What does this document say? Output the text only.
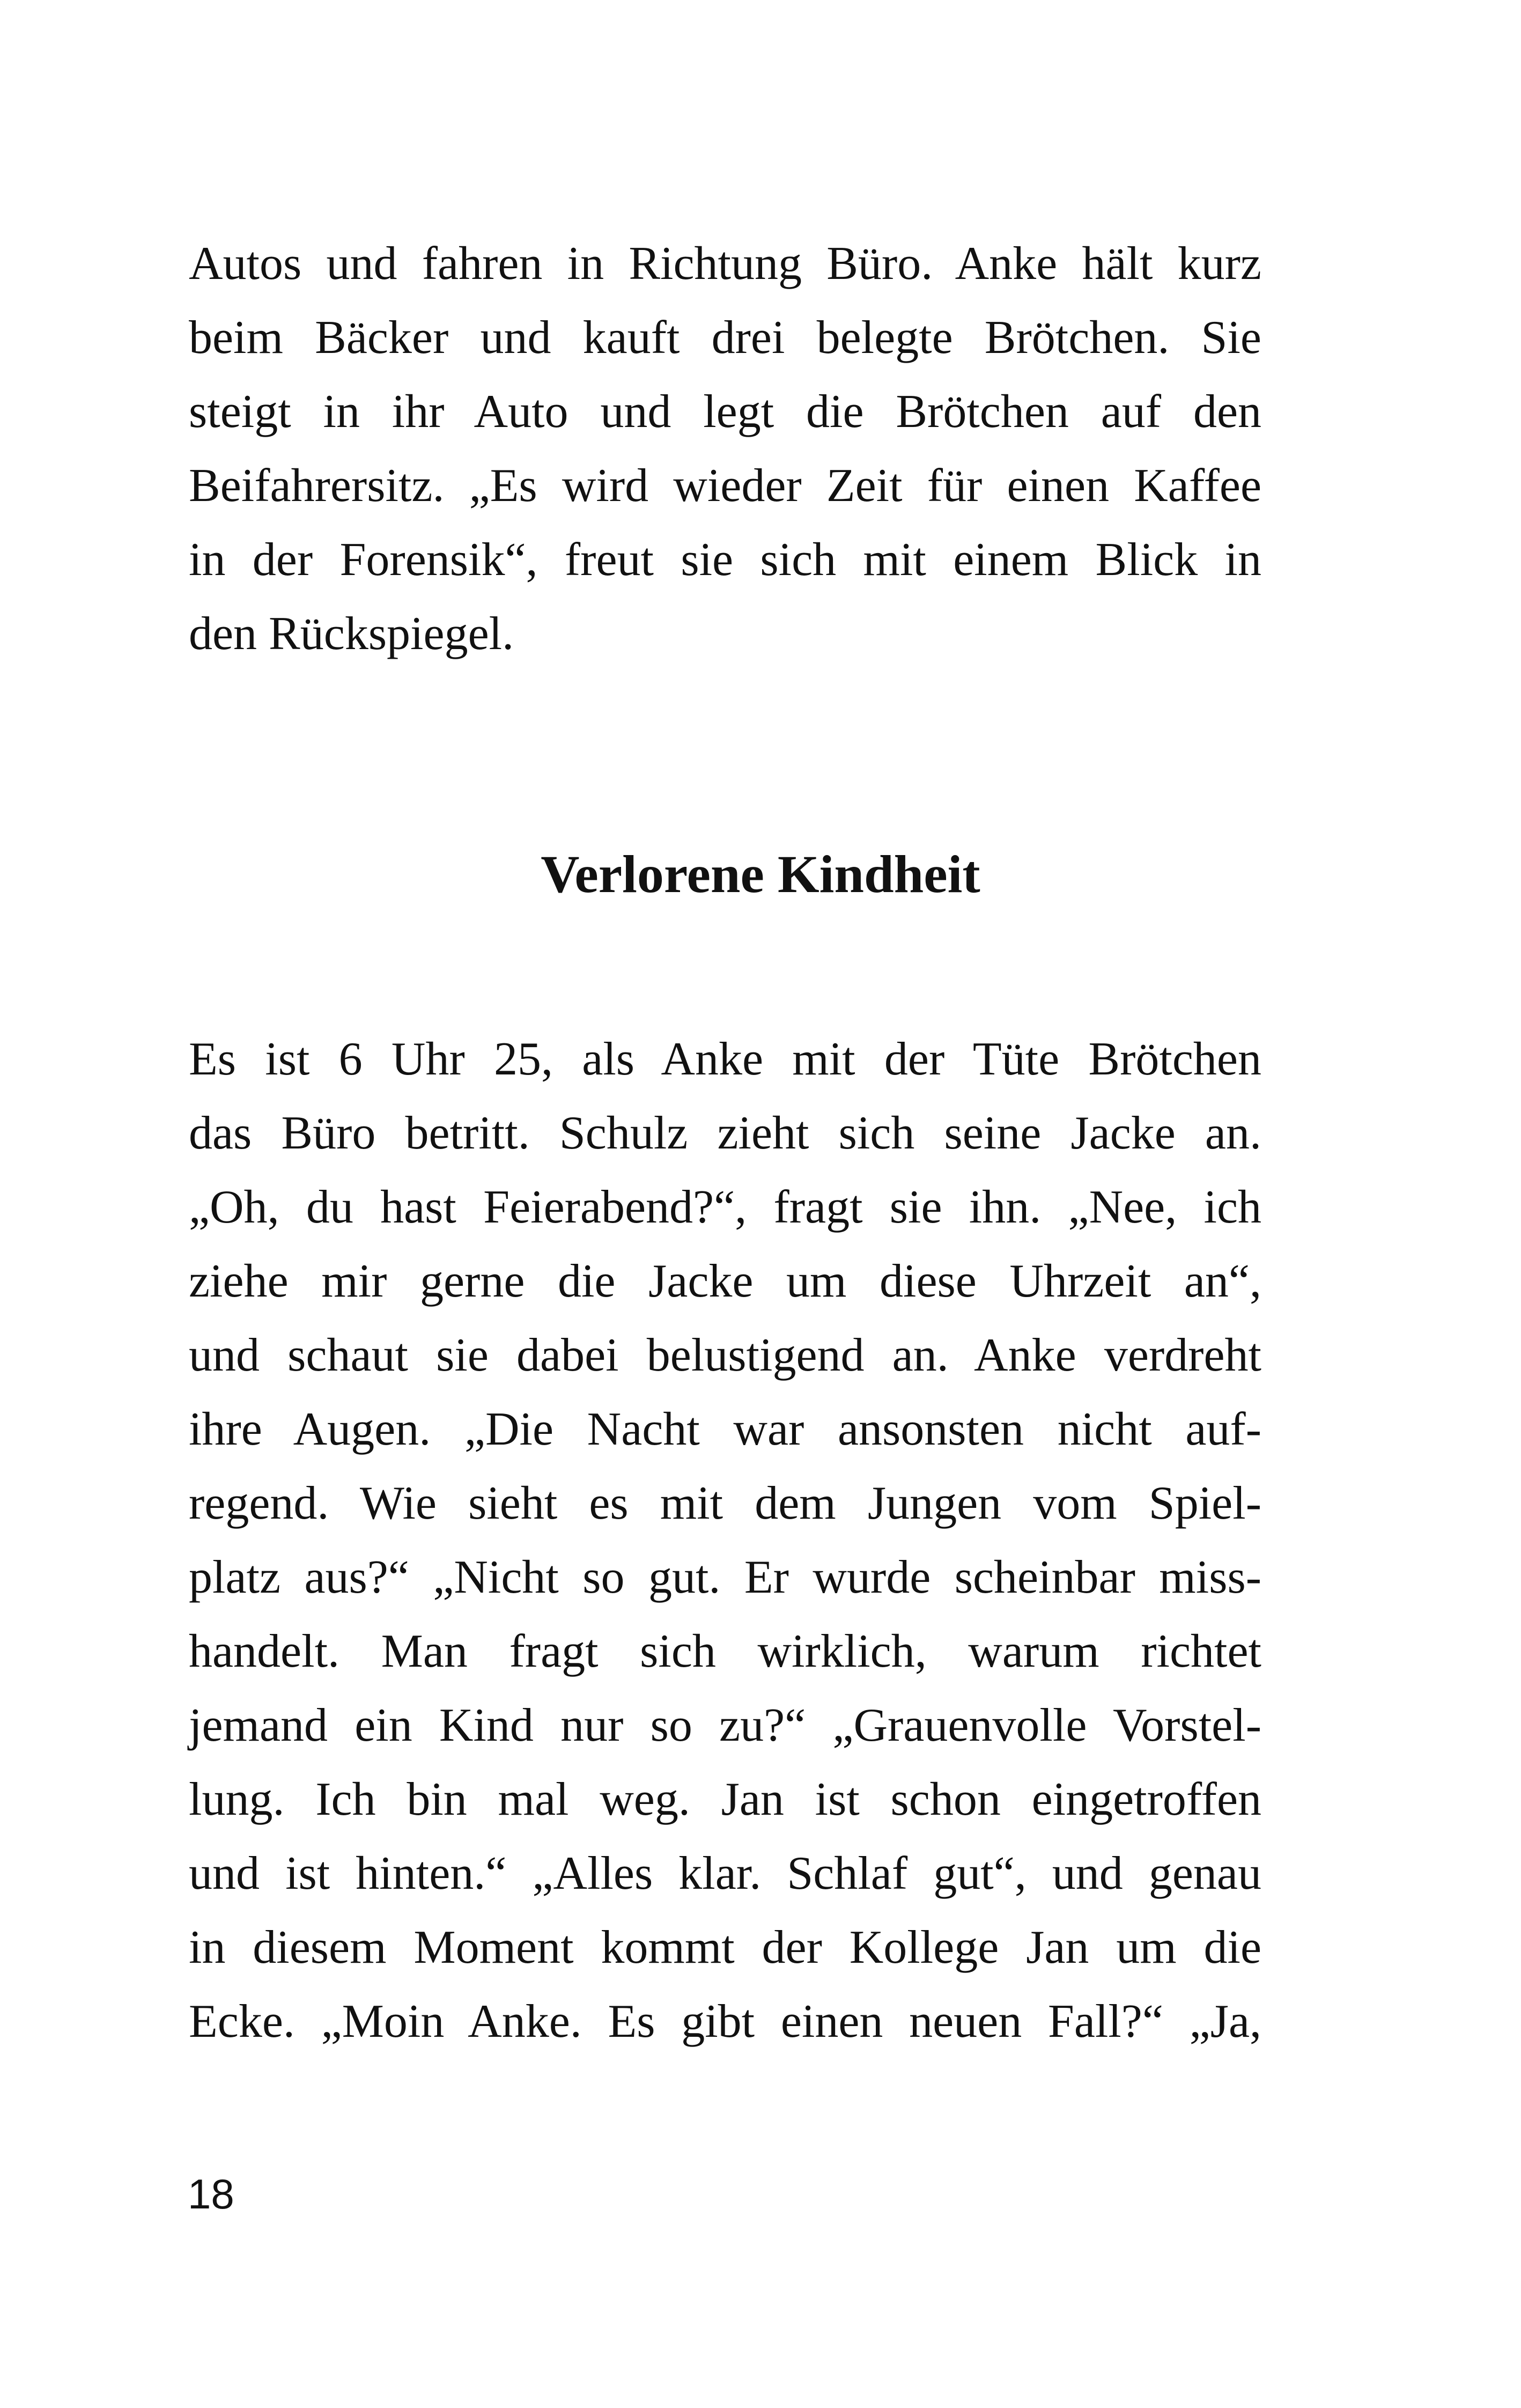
Autos und fahren in Richtung Büro. Anke hält kurz
beim Bäcker und kauft drei belegte Brötchen. Sie
steigt in ihr Auto und legt die Brötchen auf den
Beifahrersitz. „Es wird wieder Zeit für einen Kaffee
in der Forensik“, freut sie sich mit einem Blick in
den Rückspiegel.
Verlorene Kindheit
Es ist 6 Uhr 25, als Anke mit der Tüte Brötchen
das Büro betritt. Schulz zieht sich seine Jacke an.
„Oh, du hast Feierabend?“, fragt sie ihn. „Nee, ich
ziehe mir gerne die Jacke um diese Uhrzeit an“,
und schaut sie dabei belustigend an. Anke verdreht
ihre Augen. „Die Nacht war ansonsten nicht auf-
regend. Wie sieht es mit dem Jungen vom Spiel-
platz aus?“ „Nicht so gut. Er wurde scheinbar miss-
handelt. Man fragt sich wirklich, warum richtet
jemand ein Kind nur so zu?“ „Grauenvolle Vorstel-
lung. Ich bin mal weg. Jan ist schon eingetroffen
und ist hinten.“ „Alles klar. Schlaf gut“, und genau
in diesem Moment kommt der Kollege Jan um die
Ecke. „Moin Anke. Es gibt einen neuen Fall?“ „Ja,
18
